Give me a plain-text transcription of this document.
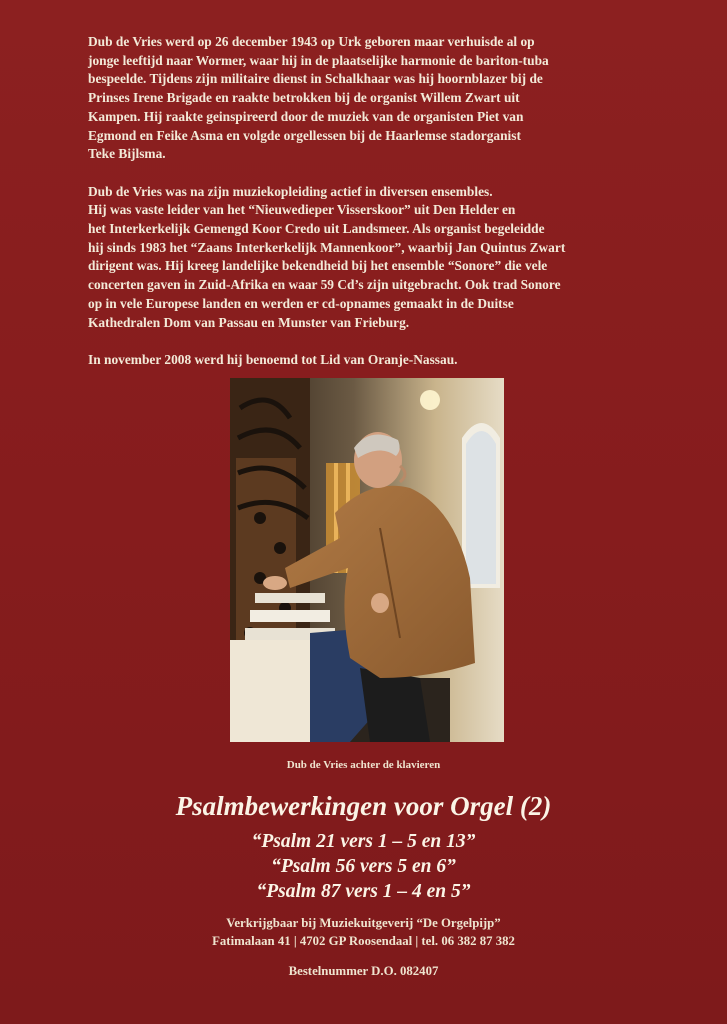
Dub de Vries werd op 26 december 1943 op Urk geboren maar verhuisde al op
jonge leeftijd naar Wormer, waar hij in de plaatselijke harmonie de bariton-tuba
bespeelde. Tijdens zijn militaire dienst in Schalkhaar was hij hoornblazer bij de
Prinses Irene Brigade en raakte betrokken bij de organist Willem Zwart uit
Kampen. Hij raakte geinspireerd door de muziek van de organisten Piet van
Egmond en Feike Asma en volgde orgellessen bij de Haarlemse stadorganist
Teke Bijlsma.

Dub de Vries was na zijn muziekopleiding actief in diversen ensembles.
Hij was vaste leider van het “Nieuwedieper Visserskoor” uit Den Helder en
het Interkerkelijk Gemengd Koor Credo uit Landsmeer. Als organist begeleidde
hij sinds 1983 het “Zaans Interkerkelijk Mannenkoor”, waarbij Jan Quintus Zwart
dirigent was. Hij kreeg landelijke bekendheid bij het ensemble “Sonore” die vele
concerten gaven in Zuid-Afrika en waar 59 Cd’s zijn uitgebracht. Ook trad Sonore
op in vele Europese landen en werden er cd-opnames gemaakt in de Duitse
Kathedralen Dom van Passau en Munster van Frieburg.

In november 2008 werd hij benoemd tot Lid van Oranje-Nassau.

Dub de Vries achter de klavieren
Psalmbewerkingen voor Orgel (2)
“Psalm 21 vers 1 – 5 en 13”
“Psalm 56 vers 5 en 6”
“Psalm 87 vers 1 – 4 en 5”
Verkrijgbaar bij Muziekuitgeverij “De Orgelpijp”
Fatimalaan 41 | 4702 GP Roosendaal | tel. 06 382 87 382
Bestelnummer D.O. 082407
